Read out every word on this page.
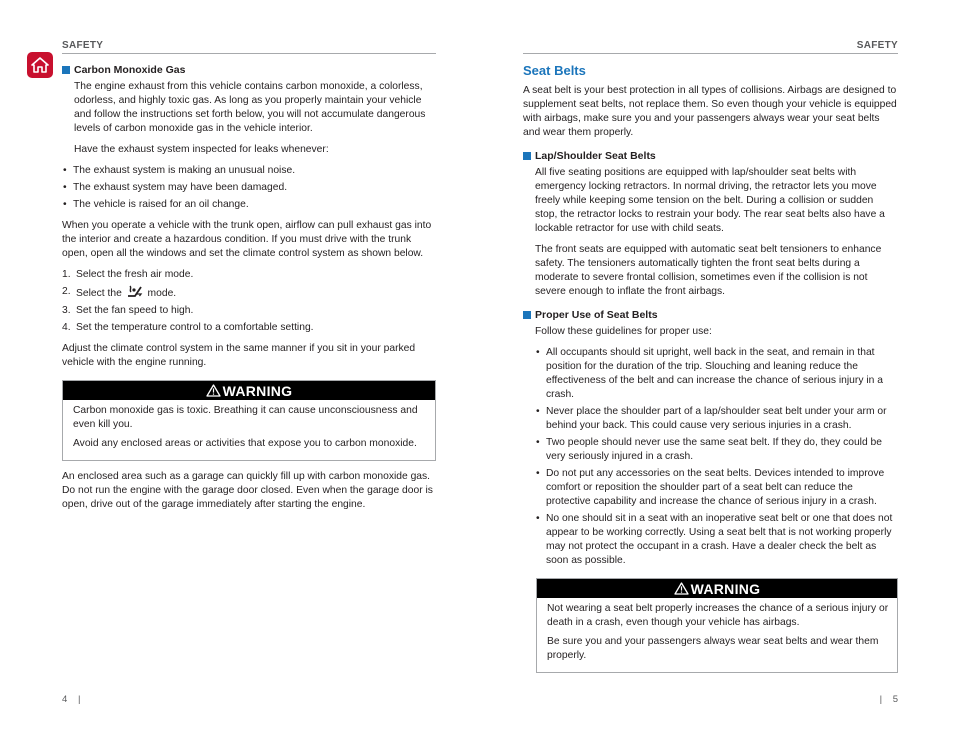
SAFETY
Carbon Monoxide Gas

The engine exhaust from this vehicle contains carbon monoxide, a colorless, odorless, and highly toxic gas. As long as you properly maintain your vehicle and follow the instructions set forth below, you will not accumulate dangerous levels of carbon monoxide gas in the vehicle interior.

Have the exhaust system inspected for leaks whenever:

• The exhaust system is making an unusual noise.
• The exhaust system may have been damaged.
• The vehicle is raised for an oil change.

When you operate a vehicle with the trunk open, airflow can pull exhaust gas into the interior and create a hazardous condition. If you must drive with the trunk open, open all the windows and set the climate control system as shown below.

1. Select the fresh air mode.
2. Select the	mode.
3. Set the fan speed to high.
4. Set the temperature control to a comfortable setting.

Adjust the climate control system in the same manner if you sit in your parked vehicle with the engine running.

WARNING

Carbon monoxide gas is toxic. Breathing it can cause unconsciousness and even kill you.

Avoid any enclosed areas or activities that expose you to carbon monoxide.

An enclosed area such as a garage can quickly fill up with carbon monoxide gas. Do not run the engine with the garage door closed. Even when the garage door is open, drive out of the garage immediately after starting the engine.

4 |
SAFETY
Seat Belts

A seat belt is your best protection in all types of collisions. Airbags are designed to supplement seat belts, not replace them. So even though your vehicle is equipped with airbags, make sure you and your passengers always wear your seat belts and wear them properly.

Lap/Shoulder Seat Belts

All five seating positions are equipped with lap/shoulder seat belts with emergency locking retractors. In normal driving, the retractor lets you move freely while keeping some tension on the belt. During a collision or sudden stop, the retractor locks to restrain your body. The rear seat belts also have a lockable retractor for use with child seats.

The front seats are equipped with automatic seat belt tensioners to enhance safety. The tensioners automatically tighten the front seat belts during a moderate to severe frontal collision, sometimes even if the collision is not severe enough to inflate the front airbags.

Proper Use of Seat Belts

Follow these guidelines for proper use:

• All occupants should sit upright, well back in the seat, and remain in that position for the duration of the trip. Slouching and leaning reduce the effectiveness of the belt and can increase the chance of serious injury in a crash.
• Never place the shoulder part of a lap/shoulder seat belt under your arm or behind your back. This could cause very serious injuries in a crash.
• Two people should never use the same seat belt. If they do, they could be very seriously injured in a crash.
• Do not put any accessories on the seat belts. Devices intended to improve comfort or reposition the shoulder part of a seat belt can reduce the protective capability and increase the chance of serious injury in a crash.
• No one should sit in a seat with an inoperative seat belt or one that does not appear to be working correctly. Using a seat belt that is not working properly may not protect the occupant in a crash. Have a dealer check the belt as soon as possible.
WARNING

Not wearing a seat belt properly increases the chance of a serious injury or death in a crash, even though your vehicle has airbags.

Be sure you and your passengers always wear seat belts and wear them properly.

| 5
